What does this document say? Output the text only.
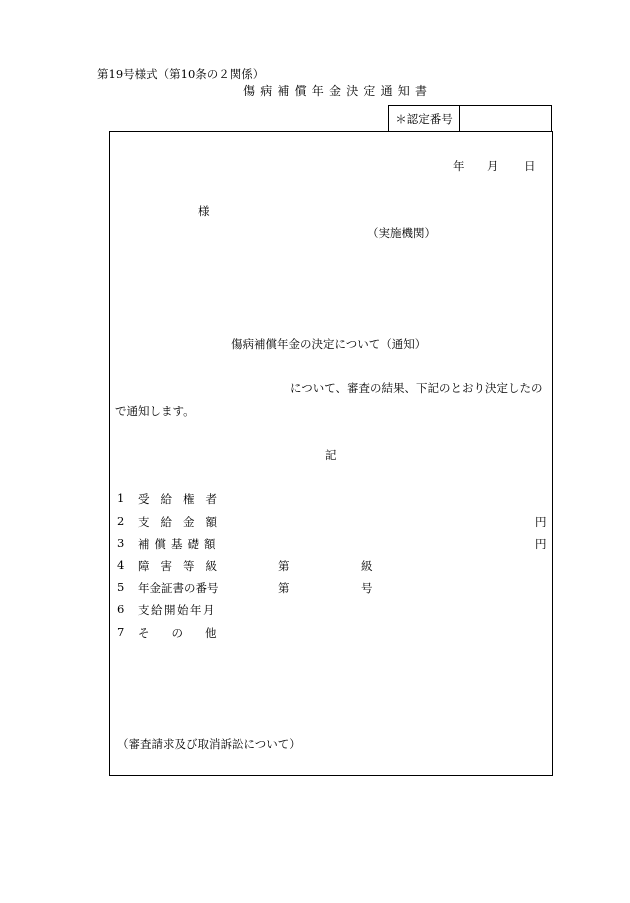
第19号様式（第10条の２関係）
傷病補償年金決定通知書
＊認定番号
年 月 日
様
（実施機関）
傷病補償年金の決定について（通知）
について、審査の結果、下記のとおり決定したの
で通知します。
記
1 受給権者
2 支給金額
3 補償基礎額
4 障害等級
5 年金証書の番号
6 支給開始年月
7 その他
円
円
第	級
第	号
（審査請求及び取消訴訟について）
